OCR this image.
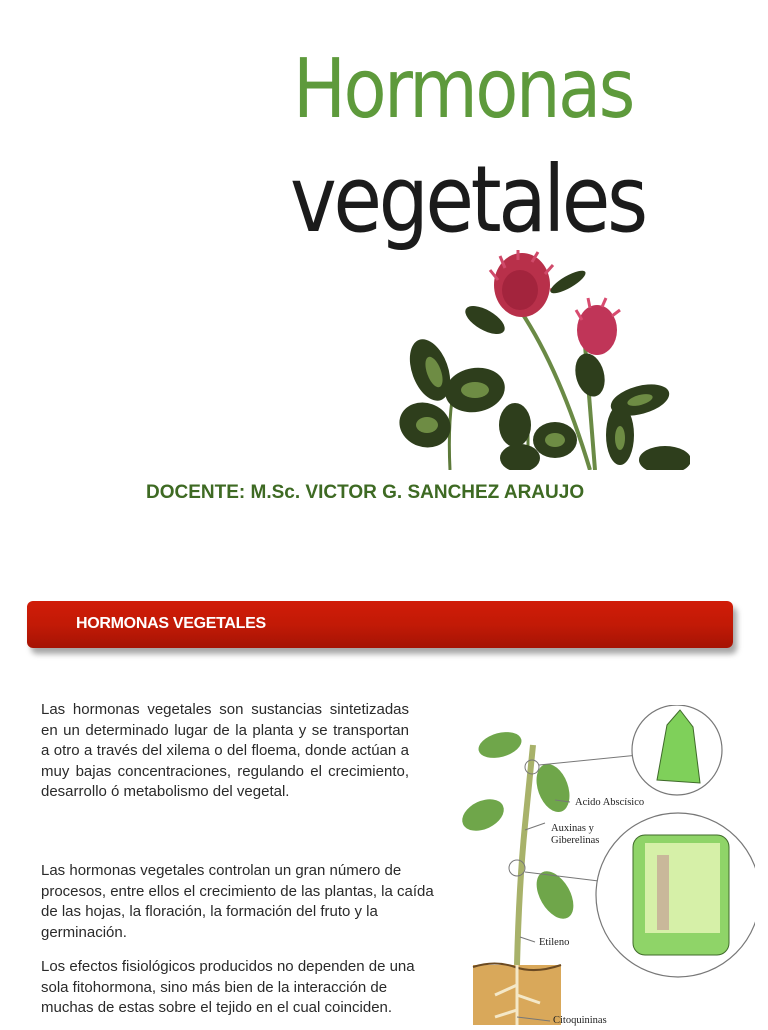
Hormonas
vegetales
DOCENTE: M.Sc. VICTOR G. SANCHEZ ARAUJO
HORMONAS VEGETALES

Las hormonas vegetales son sustancias sintetizadas en un determinado lugar de la planta y se transportan a otro a través del xilema o del floema, donde actúan a muy bajas concentraciones, regulando el crecimiento, desarrollo ó metabolismo del vegetal.

Las hormonas vegetales controlan un gran número de procesos, entre ellos el crecimiento de las plantas, la caída de las hojas, la floración, la formación del fruto y la germinación.

Los efectos fisiológicos producidos no dependen de una sola fitohormona, sino más bien de la interacción de muchas de estas sobre el tejido en el cual coinciden.

Acido Abscísico
Auxinas y
Giberelinas
Etileno
Citoquininas
